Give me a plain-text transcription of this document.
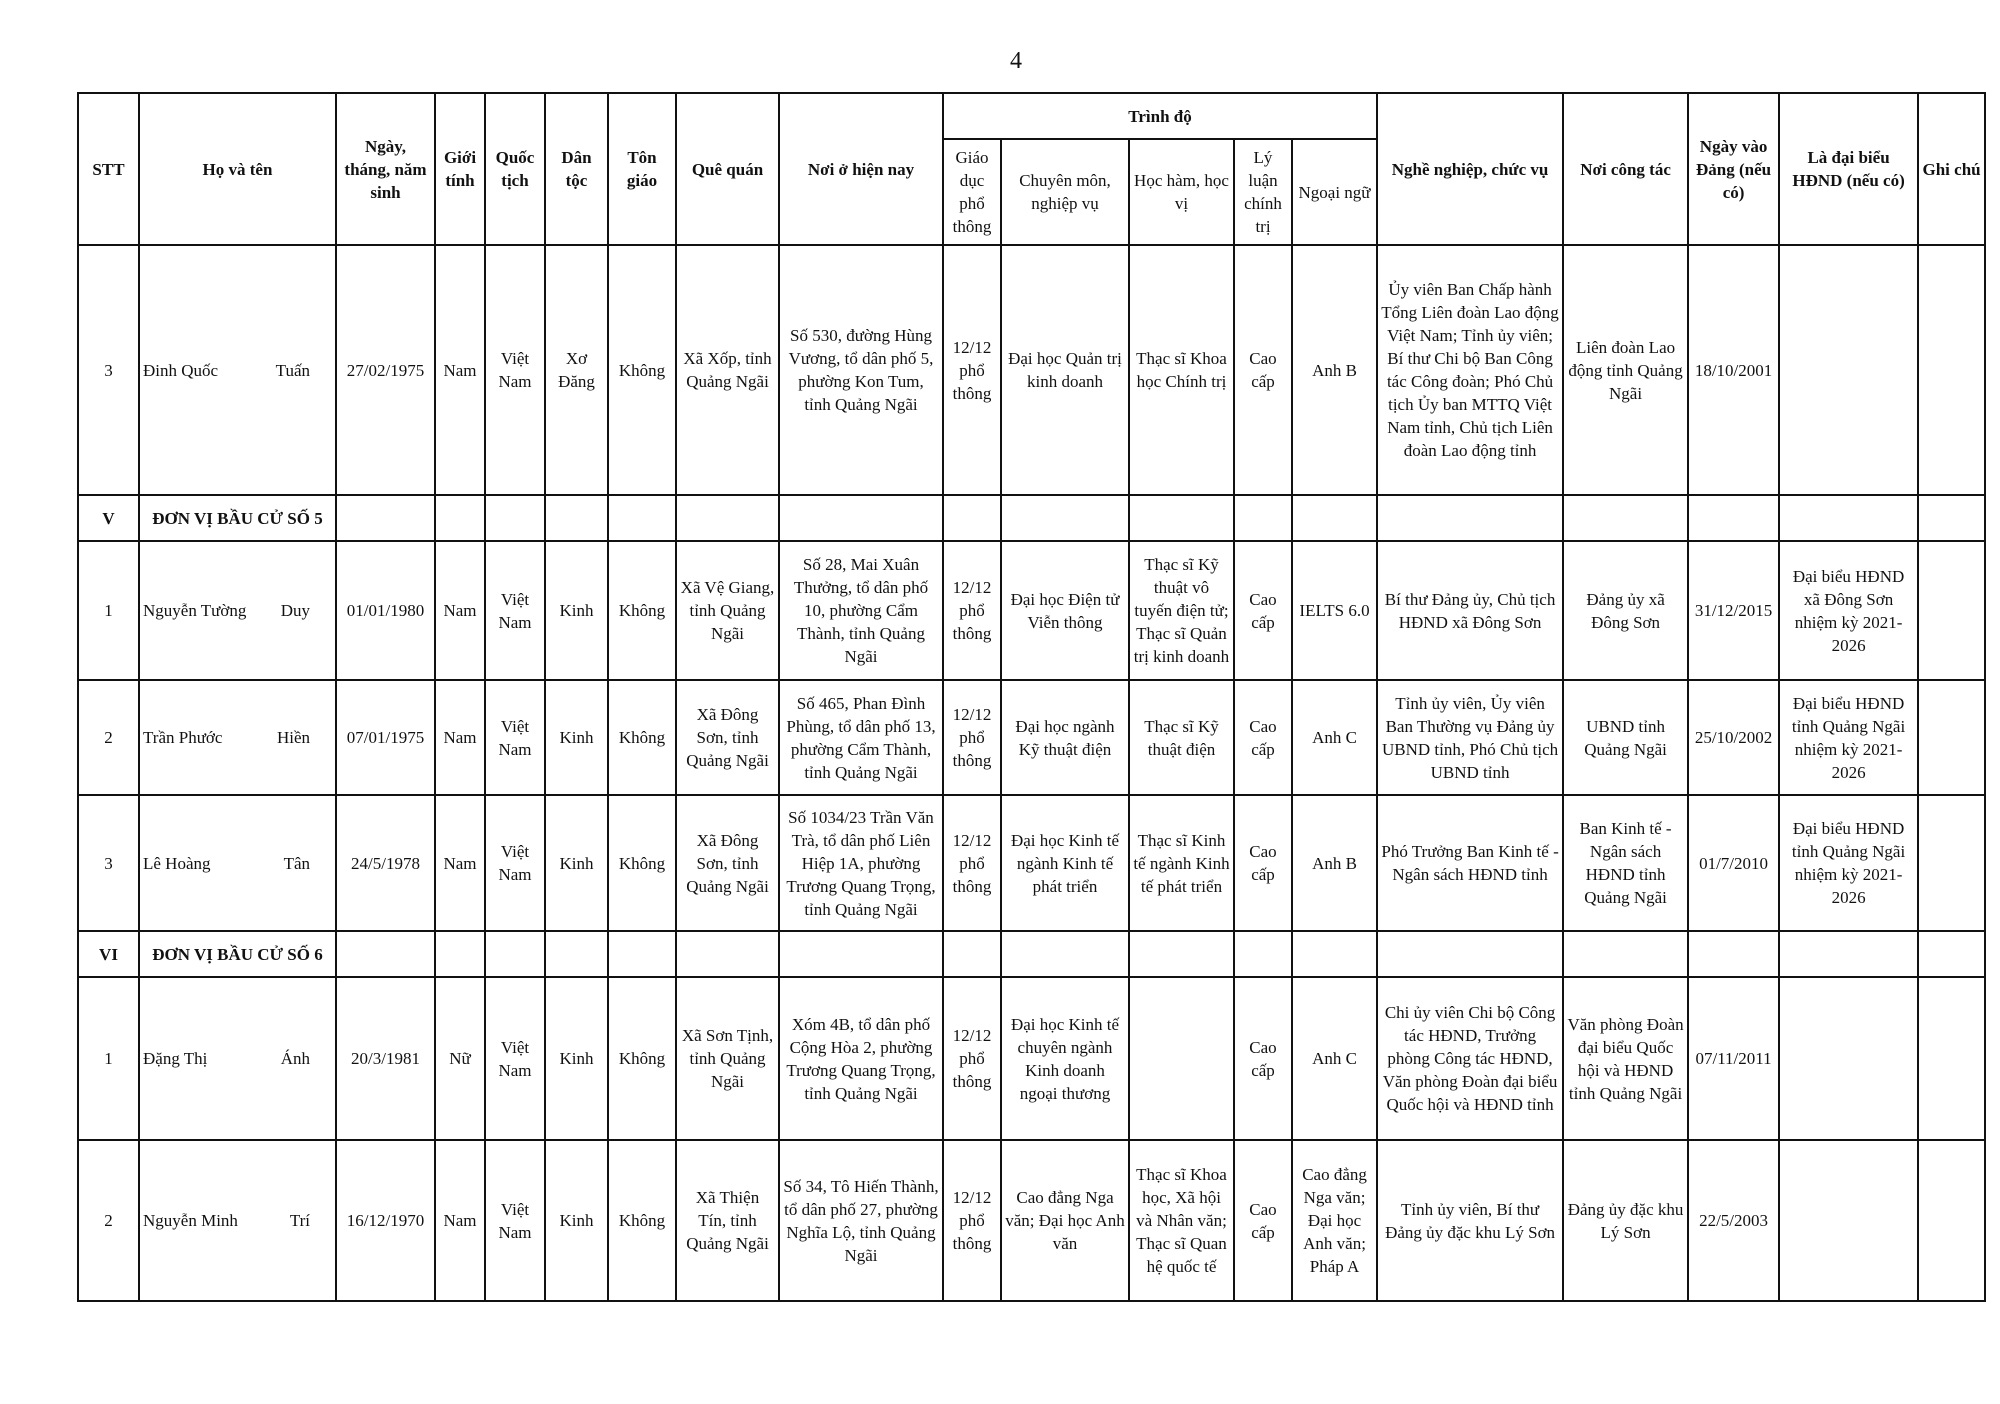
4
STT	Họ và tên	Ngày, tháng, năm sinh	Giới tính	Quốc tịch	Dân tộc	Tôn giáo	Quê quán	Nơi ở hiện nay	Trình độ					Nghề nghiệp, chức vụ	Nơi công tác	Ngày vào Đảng (nếu có)	Là đại biểu HĐND (nếu có)	Ghi chú
									Giáo dục phổ thông	Chuyên môn, nghiệp vụ	Học hàm, học vị	Lý luận chính trị	Ngoại ngữ					
3	Đinh Quốc Tuấn	27/02/1975	Nam	Việt Nam	Xơ Đăng	Không	Xã Xốp, tỉnh Quảng Ngãi	Số 530, đường Hùng Vương, tổ dân phố 5, phường Kon Tum, tỉnh Quảng Ngãi	12/12 phổ thông	Đại học Quản trị kinh doanh	Thạc sĩ Khoa học Chính trị	Cao cấp	Anh B	Ủy viên Ban Chấp hành Tổng Liên đoàn Lao động Việt Nam; Tỉnh ủy viên; Bí thư Chi bộ Ban Công tác Công đoàn; Phó Chủ tịch Ủy ban MTTQ Việt Nam tỉnh, Chủ tịch Liên đoàn Lao động tỉnh	Liên đoàn Lao động tỉnh Quảng Ngãi	18/10/2001		
V	ĐƠN VỊ BẦU CỬ SỐ 5																	
1	Nguyễn Tường Duy	01/01/1980	Nam	Việt Nam	Kinh	Không	Xã Vệ Giang, tỉnh Quảng Ngãi	Số 28, Mai Xuân Thưởng, tổ dân phố 10, phường Cẩm Thành, tỉnh Quảng Ngãi	12/12 phổ thông	Đại học Điện tử Viễn thông	Thạc sĩ Kỹ thuật vô tuyến điện tử; Thạc sĩ Quản trị kinh doanh	Cao cấp	IELTS 6.0	Bí thư Đảng ủy, Chủ tịch HĐND xã Đông Sơn	Đảng ủy xã Đông Sơn	31/12/2015	Đại biểu HĐND xã Đông Sơn nhiệm kỳ 2021-2026	
2	Trần Phước Hiền	07/01/1975	Nam	Việt Nam	Kinh	Không	Xã Đông Sơn, tỉnh Quảng Ngãi	Số 465, Phan Đình Phùng, tổ dân phố 13, phường Cẩm Thành, tỉnh Quảng Ngãi	12/12 phổ thông	Đại học ngành Kỹ thuật điện	Thạc sĩ Kỹ thuật điện	Cao cấp	Anh C	Tỉnh ủy viên, Ủy viên Ban Thường vụ Đảng ủy UBND tỉnh, Phó Chủ tịch UBND tỉnh	UBND tỉnh Quảng Ngãi	25/10/2002	Đại biểu HĐND tỉnh Quảng Ngãi nhiệm kỳ 2021-2026	
3	Lê Hoàng Tân	24/5/1978	Nam	Việt Nam	Kinh	Không	Xã Đông Sơn, tỉnh Quảng Ngãi	Số 1034/23 Trần Văn Trà, tổ dân phố Liên Hiệp 1A, phường Trương Quang Trọng, tỉnh Quảng Ngãi	12/12 phổ thông	Đại học Kinh tế ngành Kinh tế phát triển	Thạc sĩ Kinh tế ngành Kinh tế phát triển	Cao cấp	Anh B	Phó Trưởng Ban Kinh tế - Ngân sách HĐND tỉnh	Ban Kinh tế - Ngân sách HĐND tỉnh Quảng Ngãi	01/7/2010	Đại biểu HĐND tỉnh Quảng Ngãi nhiệm kỳ 2021-2026	
VI	ĐƠN VỊ BẦU CỬ SỐ 6																	
1	Đặng Thị Ánh	20/3/1981	Nữ	Việt Nam	Kinh	Không	Xã Sơn Tịnh, tỉnh Quảng Ngãi	Xóm 4B, tổ dân phố Cộng Hòa 2, phường Trương Quang Trọng, tỉnh Quảng Ngãi	12/12 phổ thông	Đại học Kinh tế chuyên ngành Kinh doanh ngoại thương		Cao cấp	Anh C	Chi ủy viên Chi bộ Công tác HĐND, Trưởng phòng Công tác HĐND, Văn phòng Đoàn đại biểu Quốc hội và HĐND tỉnh	Văn phòng Đoàn đại biểu Quốc hội và HĐND tỉnh Quảng Ngãi	07/11/2011		
2	Nguyễn Minh Trí	16/12/1970	Nam	Việt Nam	Kinh	Không	Xã Thiện Tín, tỉnh Quảng Ngãi	Số 34, Tô Hiến Thành, tổ dân phố 27, phường Nghĩa Lộ, tỉnh Quảng Ngãi	12/12 phổ thông	Cao đẳng Nga văn; Đại học Anh văn	Thạc sĩ Khoa học, Xã hội và Nhân văn; Thạc sĩ Quan hệ quốc tế	Cao cấp	Cao đẳng Nga văn; Đại học Anh văn; Pháp A	Tỉnh ủy viên, Bí thư Đảng ủy đặc khu Lý Sơn	Đảng ủy đặc khu Lý Sơn	22/5/2003		
